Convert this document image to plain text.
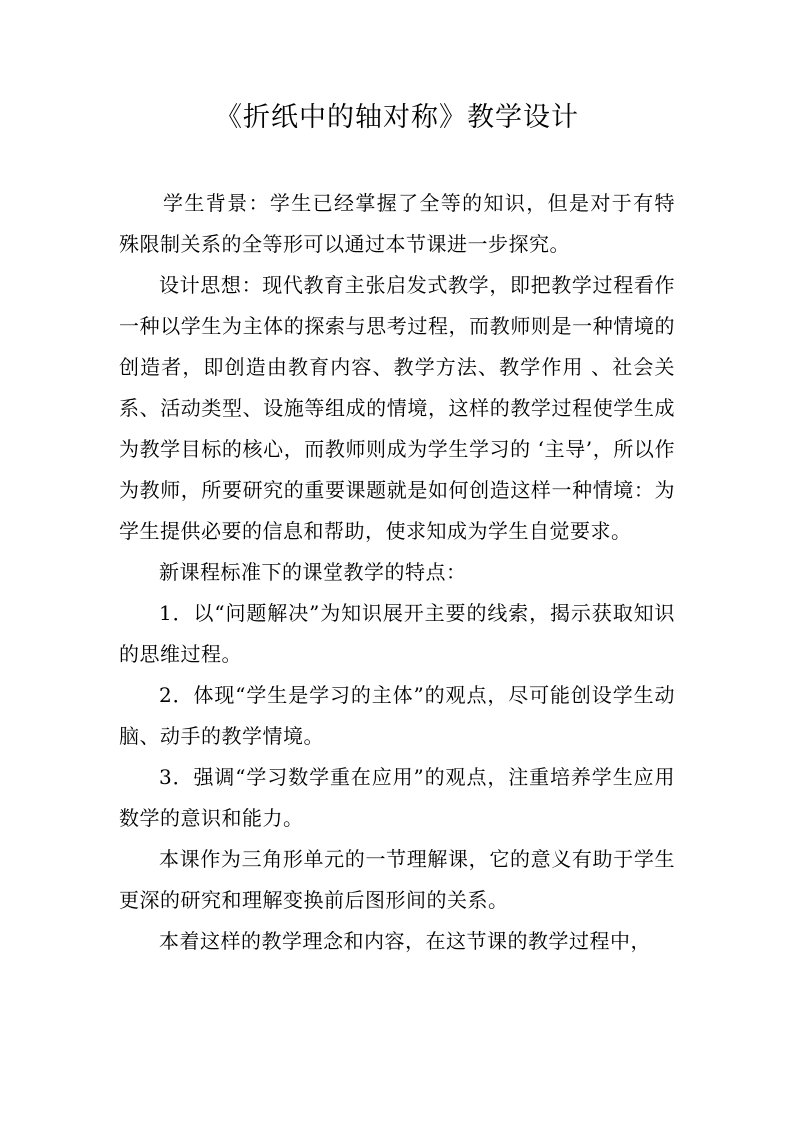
《折纸中的轴对称》教学设计

学生背景：学生已经掌握了全等的知识，但是对于有特殊限制关系的全等形可以通过本节课进一步探究。

设计思想：现代教育主张启发式教学，即把教学过程看作一种以学生为主体的探索与思考过程，而教师则是一种情境的创造者，即创造由教育内容、教学方法、教学作用 、社会关系、活动类型、设施等组成的情境，这样的教学过程使学生成为教学目标的核心，而教师则成为学生学习的 ‘主导’，所以作为教师，所要研究的重要课题就是如何创造这样一种情境：为学生提供必要的信息和帮助，使求知成为学生自觉要求。

新课程标准下的课堂教学的特点：

1．以“问题解决”为知识展开主要的线索，揭示获取知识的思维过程。

2．体现“学生是学习的主体”的观点，尽可能创设学生动脑、动手的教学情境。

3．强调“学习数学重在应用”的观点，注重培养学生应用数学的意识和能力。

本课作为三角形单元的一节理解课，它的意义有助于学生更深的研究和理解变换前后图形间的关系。

本着这样的教学理念和内容，在这节课的教学过程中，
